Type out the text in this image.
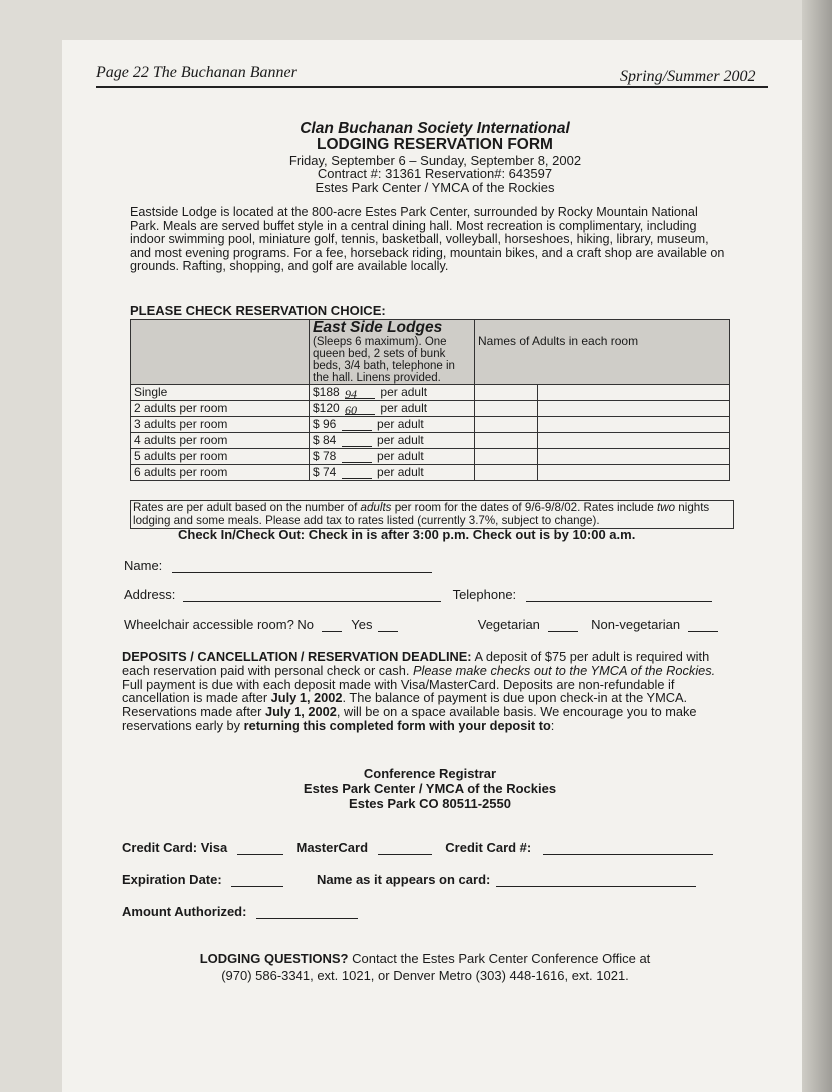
Page 22 The Buchanan Banner	Spring/Summer 2002
Clan Buchanan Society International
LODGING RESERVATION FORM
Friday, September 6 – Sunday, September 8, 2002
Contract #: 31361 Reservation#: 643597
Estes Park Center / YMCA of the Rockies
Eastside Lodge is located at the 800-acre Estes Park Center, surrounded by Rocky Mountain National Park. Meals are served buffet style in a central dining hall. Most recreation is complimentary, including indoor swimming pool, miniature golf, tennis, basketball, volleyball, horseshoes, hiking, library, museum, and most evening programs. For a fee, horseback riding, mountain bikes, and a craft shop are available on grounds. Rafting, shopping, and golf are available locally.
PLEASE CHECK RESERVATION CHOICE:

	East Side Lodges
(Sleeps 6 maximum). One queen bed, 2 sets of bunk beds, 3/4 bath, telephone in the hall. Linens provided.	Names of Adults in each room	
Single	$188 94 per adult		
2 adults per room	$120 60 per adult		
3 adults per room	$ 96 per adult		
4 adults per room	$ 84 per adult		
5 adults per room	$ 78 per adult		
6 adults per room	$ 74 per adult		
Rates are per adult based on the number of adults per room for the dates of 9/6-9/8/02. Rates include two nights lodging and some meals. Please add tax to rates listed (currently 3.7%, subject to change).
Check In/Check Out: Check in is after 3:00 p.m. Check out is by 10:00 a.m.
Name:
Address:	Telephone:
Wheelchair accessible room? No	Yes	Vegetarian	Non-vegetarian
DEPOSITS / CANCELLATION / RESERVATION DEADLINE: A deposit of $75 per adult is required with each reservation paid with personal check or cash. Please make checks out to the YMCA of the Rockies. Full payment is due with each deposit made with Visa/MasterCard. Deposits are non-refundable if cancellation is made after July 1, 2002. The balance of payment is due upon check-in at the YMCA. Reservations made after July 1, 2002, will be on a space available basis. We encourage you to make reservations early by returning this completed form with your deposit to:
Conference Registrar
Estes Park Center / YMCA of the Rockies
Estes Park CO 80511-2550
Credit Card: Visa	MasterCard	Credit Card #:
Expiration Date:	Name as it appears on card:
Amount Authorized:
LODGING QUESTIONS? Contact the Estes Park Center Conference Office at
(970) 586-3341, ext. 1021, or Denver Metro (303) 448-1616, ext. 1021.
